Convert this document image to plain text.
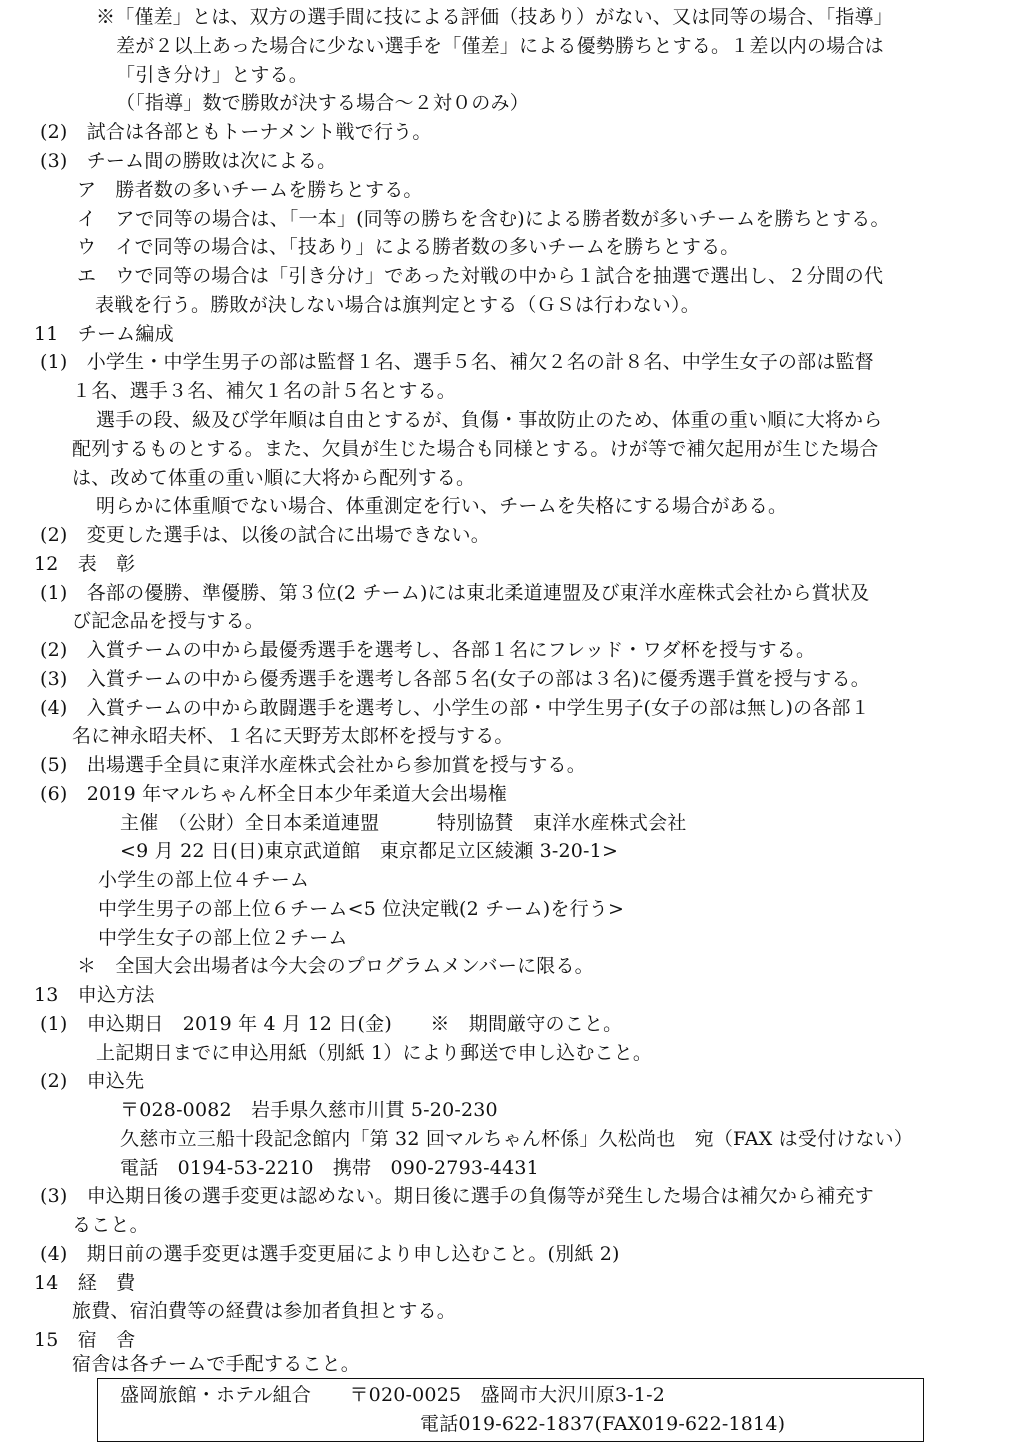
※「僅差」とは、双方の選手間に技による評価（技あり）がない、又は同等の場合、「指導」
差が２以上あった場合に少ない選手を「僅差」による優勢勝ちとする。１差以内の場合は
「引き分け」とする。
（「指導」数で勝敗が決する場合～２対０のみ）
(2)　試合は各部ともトーナメント戦で行う。
(3)　チーム間の勝敗は次による。
ア　勝者数の多いチームを勝ちとする。
イ　アで同等の場合は、「一本」(同等の勝ちを含む)による勝者数が多いチームを勝ちとする。
ウ　イで同等の場合は、「技あり」による勝者数の多いチームを勝ちとする。
エ　ウで同等の場合は「引き分け」であった対戦の中から１試合を抽選で選出し、２分間の代
表戦を行う。勝敗が決しない場合は旗判定とする（ＧＳは行わない）。
11　チーム編成
(1)　小学生・中学生男子の部は監督１名、選手５名、補欠２名の計８名、中学生女子の部は監督
１名、選手３名、補欠１名の計５名とする。
選手の段、級及び学年順は自由とするが、負傷・事故防止のため、体重の重い順に大将から
配列するものとする。また、欠員が生じた場合も同様とする。けが等で補欠起用が生じた場合
は、改めて体重の重い順に大将から配列する。
明らかに体重順でない場合、体重測定を行い、チームを失格にする場合がある。
(2)　変更した選手は、以後の試合に出場できない。
12　表　彰
(1)　各部の優勝、準優勝、第３位(2 チーム)には東北柔道連盟及び東洋水産株式会社から賞状及
び記念品を授与する。
(2)　入賞チームの中から最優秀選手を選考し、各部１名にフレッド・ワダ杯を授与する。
(3)　入賞チームの中から優秀選手を選考し各部５名(女子の部は３名)に優秀選手賞を授与する。
(4)　入賞チームの中から敢闘選手を選考し、小学生の部・中学生男子(女子の部は無し)の各部１
名に神永昭夫杯、１名に天野芳太郎杯を授与する。
(5)　出場選手全員に東洋水産株式会社から参加賞を授与する。
(6)　2019 年マルちゃん杯全日本少年柔道大会出場権
主催　（公財）全日本柔道連盟　　　特別協賛　東洋水産株式会社
<9 月 22 日(日)東京武道館　東京都足立区綾瀬 3-20-1>
小学生の部上位４チーム
中学生男子の部上位６チーム<5 位決定戦(2 チーム)を行う>
中学生女子の部上位２チーム
＊　全国大会出場者は今大会のプログラムメンバーに限る。
13　申込方法
(1)　申込期日　2019 年 4 月 12 日(金)　　※　期間厳守のこと。
上記期日までに申込用紙（別紙 1）により郵送で申し込むこと。
(2)　申込先
〒028-0082　岩手県久慈市川貫 5-20-230
久慈市立三船十段記念館内「第 32 回マルちゃん杯係」久松尚也　宛（FAX は受付けない）
電話　0194-53-2210　携帯　090-2793-4431
(3)　申込期日後の選手変更は認めない。期日後に選手の負傷等が発生した場合は補欠から補充す
ること。
(4)　期日前の選手変更は選手変更届により申し込むこと。(別紙 2)
14　経　費
旅費、宿泊費等の経費は参加者負担とする。
15　宿　舎
宿舎は各チームで手配すること。
盛岡旅館・ホテル組合　　〒020-0025　盛岡市大沢川原3-1-2
電話019-622-1837(FAX019-622-1814)
